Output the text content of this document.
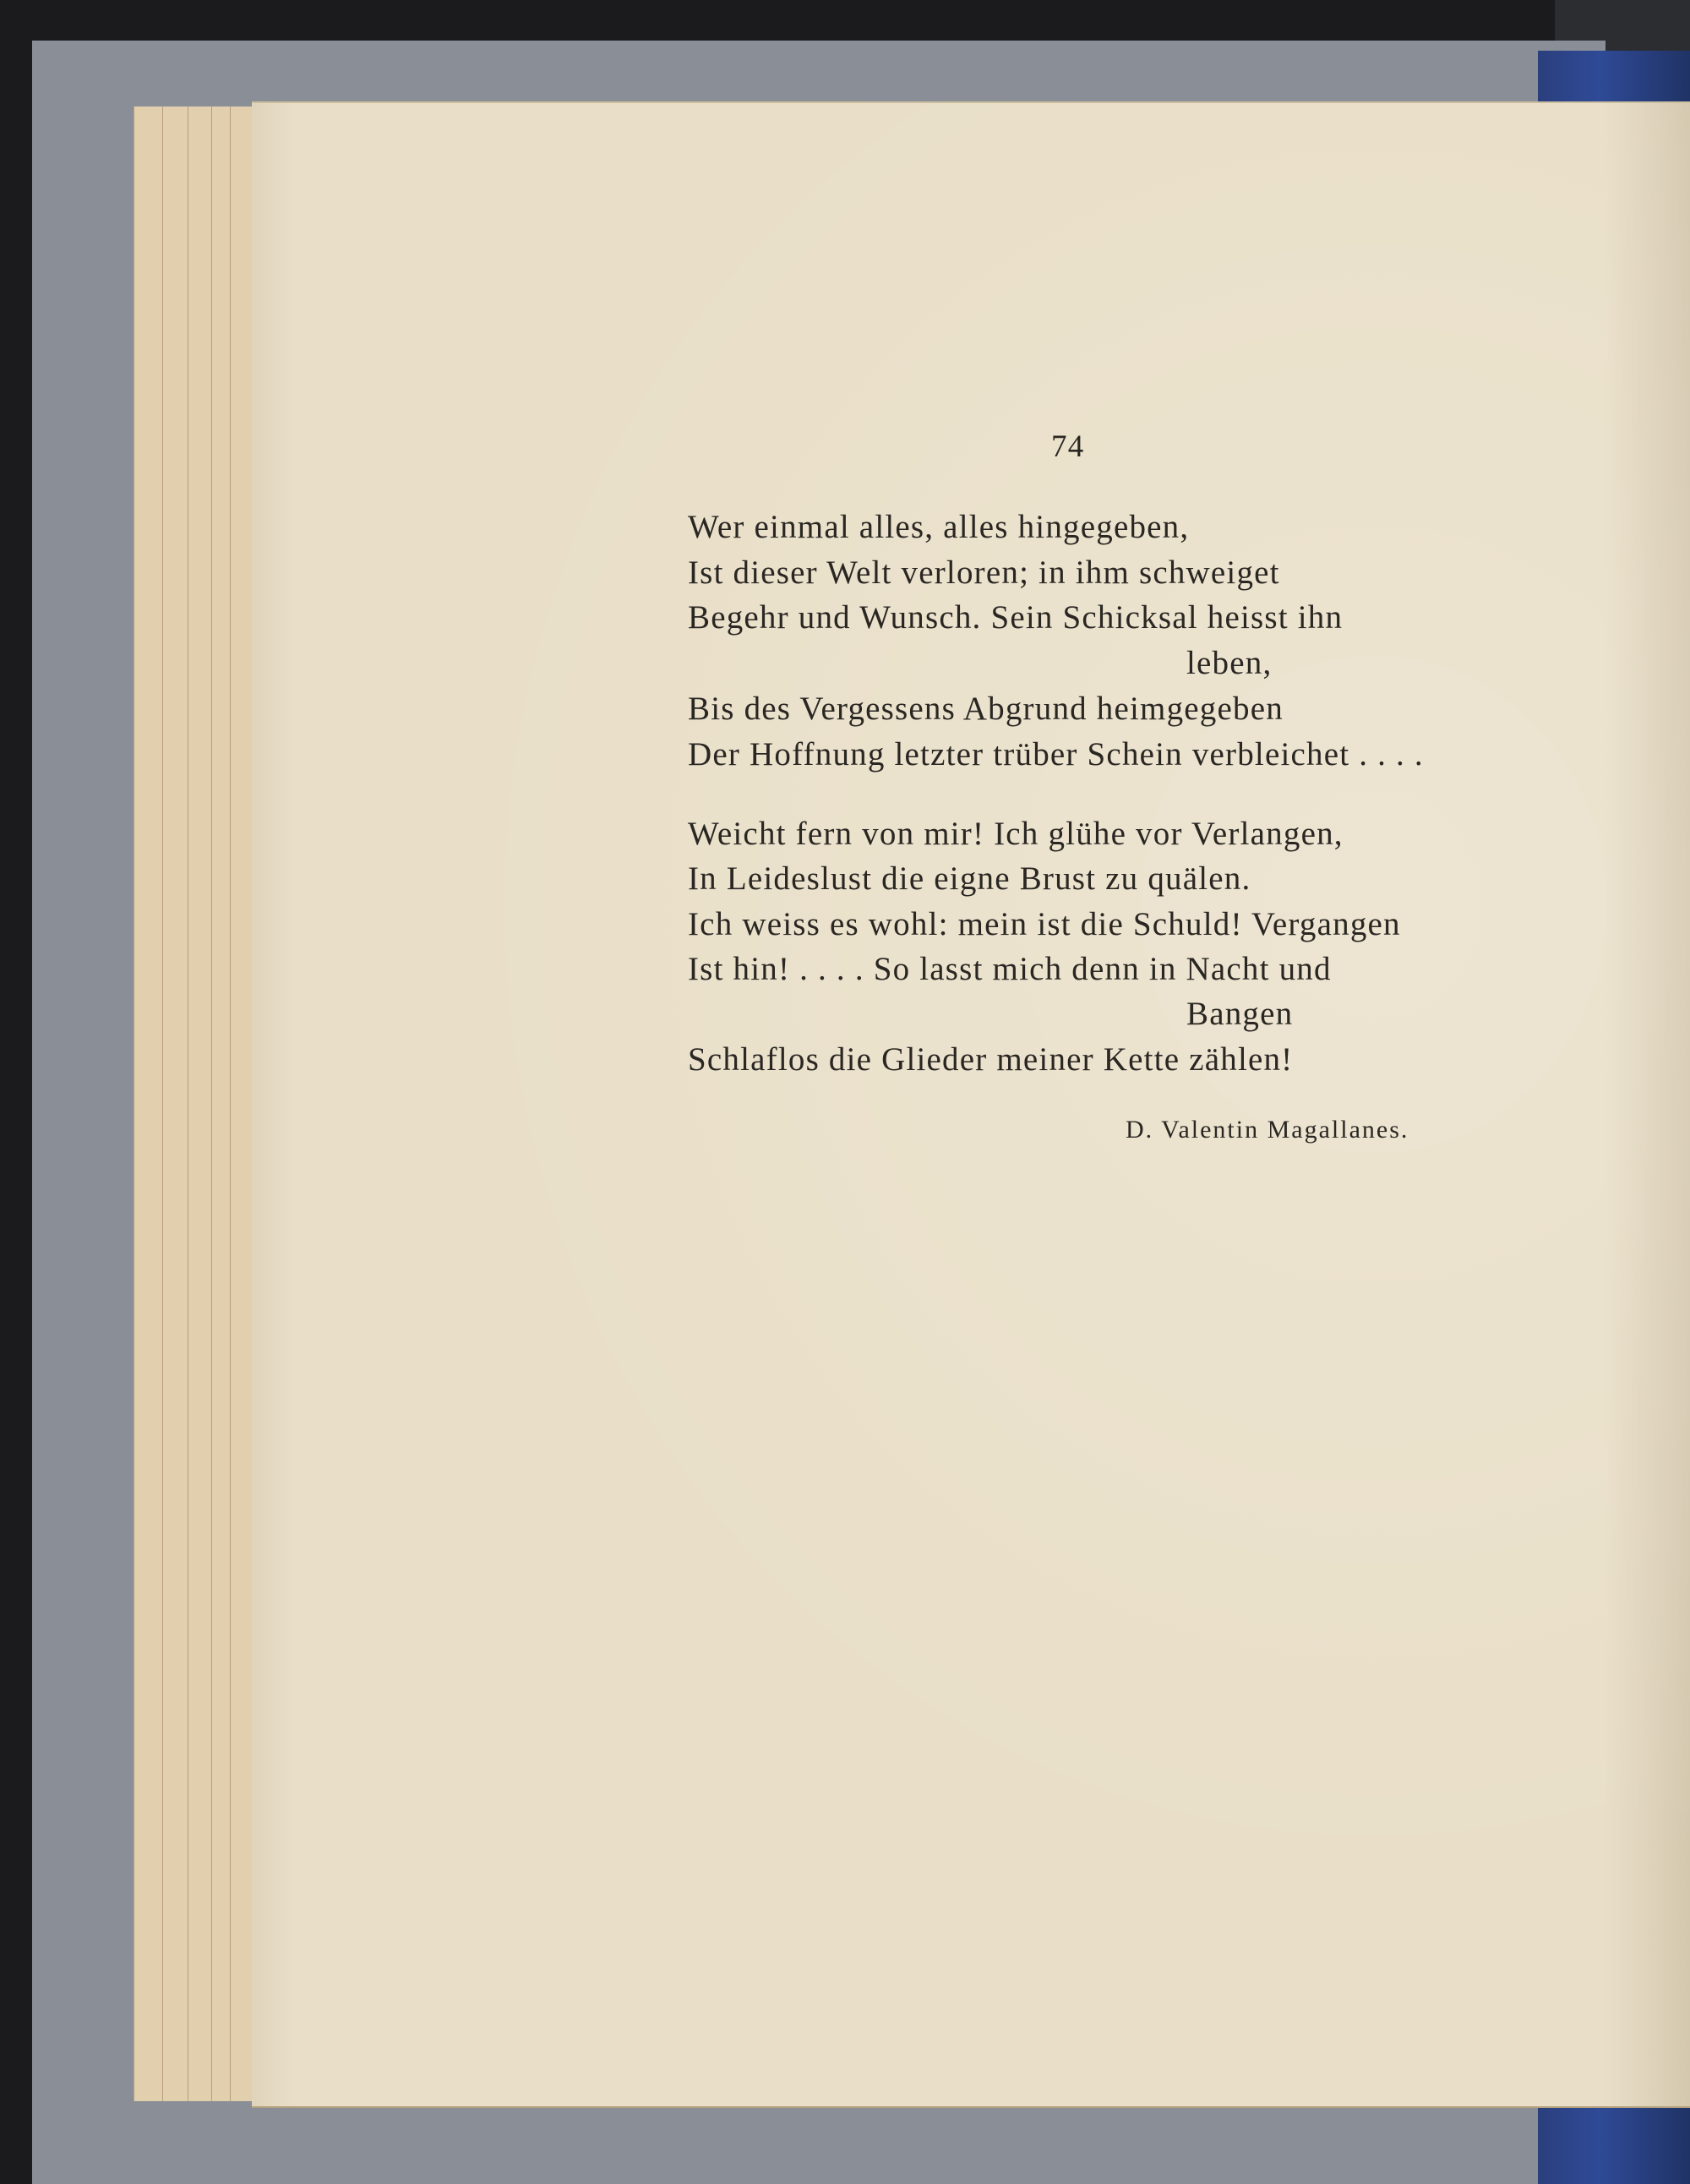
74
Wer einmal alles, alles hingegeben,
Ist dieser Welt verloren; in ihm schweiget
Begehr und Wunsch. Sein Schicksal heisst ihn
leben,
Bis des Vergessens Abgrund heimgegeben
Der Hoffnung letzter trüber Schein verbleichet . . . .
Weicht fern von mir! Ich glühe vor Verlangen,
In Leideslust die eigne Brust zu quälen.
Ich weiss es wohl: mein ist die Schuld! Vergangen
Ist hin! . . . . So lasst mich denn in Nacht und
Bangen
Schlaflos die Glieder meiner Kette zählen!
D. Valentin Magallanes.
